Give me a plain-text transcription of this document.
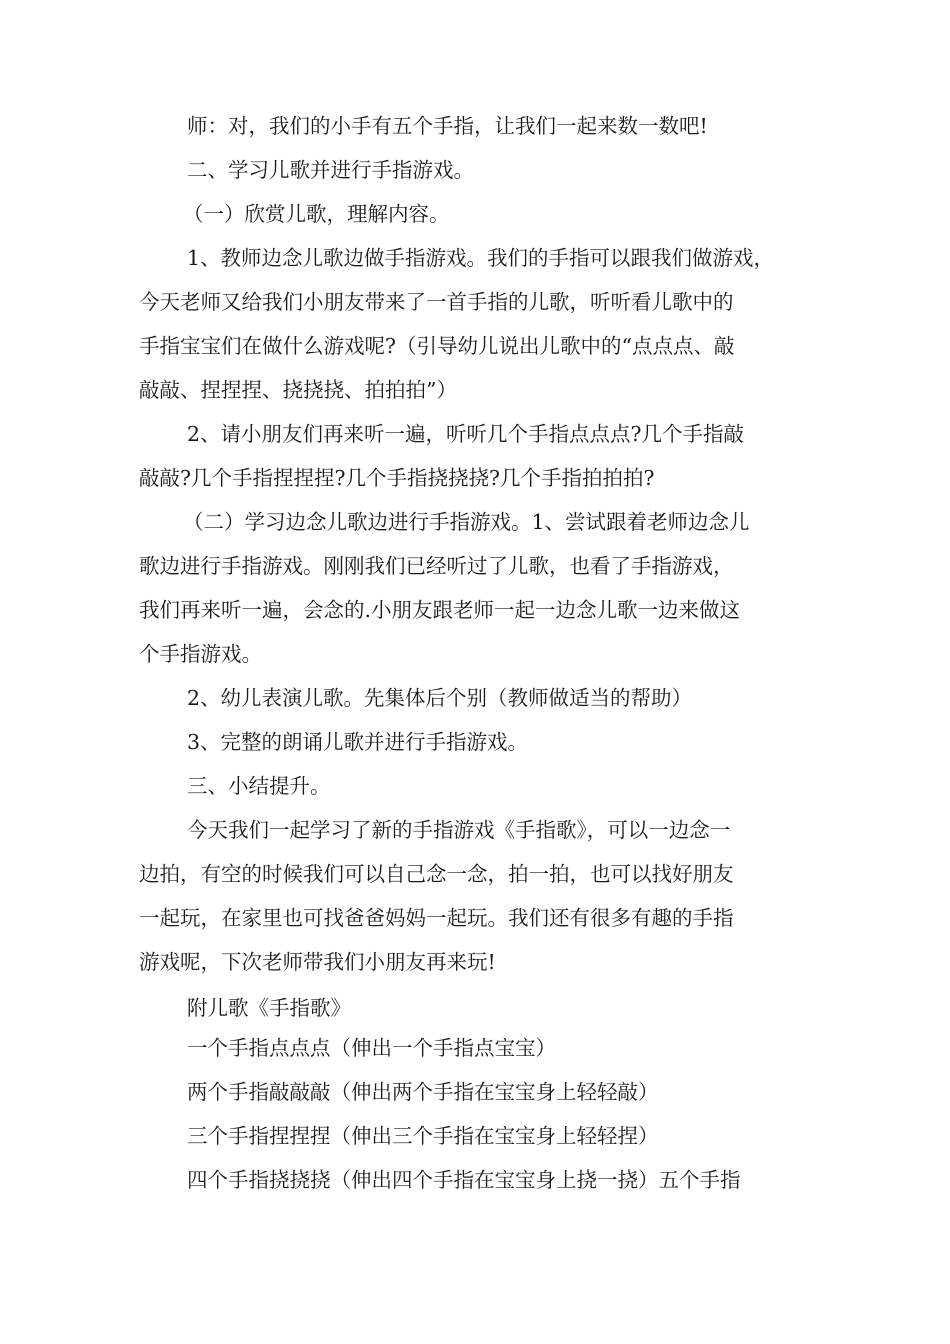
师：对，我们的小手有五个手指，让我们一起来数一数吧!
二、学习儿歌并进行手指游戏。
（一）欣赏儿歌，理解内容。
1、教师边念儿歌边做手指游戏。我们的手指可以跟我们做游戏，
今天老师又给我们小朋友带来了一首手指的儿歌，听听看儿歌中的
手指宝宝们在做什么游戏呢?（引导幼儿说出儿歌中的“点点点、敲
敲敲、捏捏捏、挠挠挠、拍拍拍”）
2、请小朋友们再来听一遍，听听几个手指点点点?几个手指敲
敲敲?几个手指捏捏捏?几个手指挠挠挠?几个手指拍拍拍?
（二）学习边念儿歌边进行手指游戏。1、尝试跟着老师边念儿
歌边进行手指游戏。刚刚我们已经听过了儿歌，也看了手指游戏，
我们再来听一遍，会念的.小朋友跟老师一起一边念儿歌一边来做这
个手指游戏。
2、幼儿表演儿歌。先集体后个别（教师做适当的帮助）
3、完整的朗诵儿歌并进行手指游戏。
三、小结提升。
今天我们一起学习了新的手指游戏《手指歌》，可以一边念一
边拍，有空的时候我们可以自己念一念，拍一拍，也可以找好朋友
一起玩，在家里也可找爸爸妈妈一起玩。我们还有很多有趣的手指
游戏呢，下次老师带我们小朋友再来玩!
附儿歌《手指歌》
一个手指点点点（伸出一个手指点宝宝）
两个手指敲敲敲（伸出两个手指在宝宝身上轻轻敲）
三个手指捏捏捏（伸出三个手指在宝宝身上轻轻捏）
四个手指挠挠挠（伸出四个手指在宝宝身上挠一挠）五个手指
